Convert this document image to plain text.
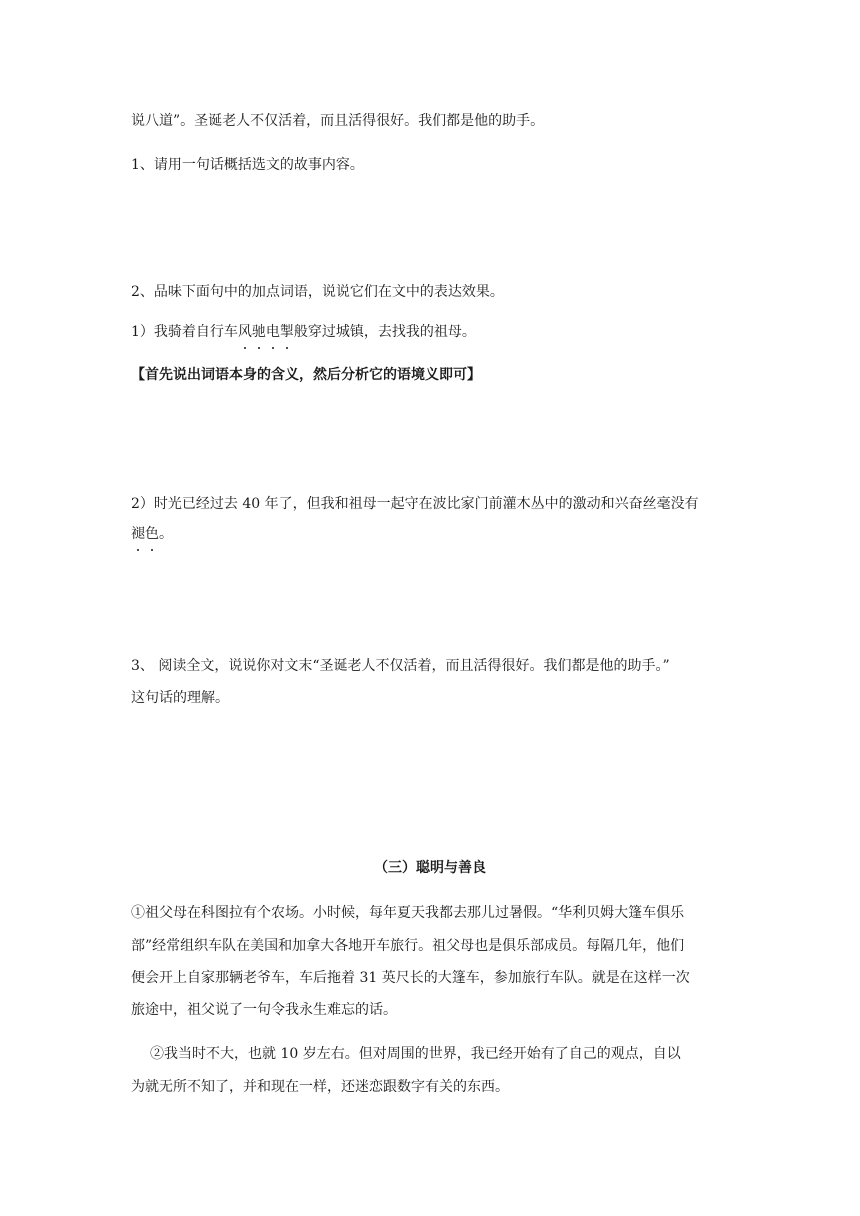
说八道”。圣诞老人不仅活着，而且活得很好。我们都是他的助手。
1、请用一句话概括选文的故事内容。
2、品味下面句中的加点词语，说说它们在文中的表达效果。
1）我骑着自行车风驰电掣般穿过城镇，去找我的祖母。
【首先说出词语本身的含义，然后分析它的语境义即可】
2）时光已经过去 40 年了，但我和祖母一起守在波比家门前灌木丛中的激动和兴奋丝毫没有
褪色。
3、 阅读全文，说说你对文末“圣诞老人不仅活着，而且活得很好。我们都是他的助手。”
这句话的理解。
（三）聪明与善良
①祖父母在科图拉有个农场。小时候，每年夏天我都去那儿过暑假。“华利贝姆大篷车俱乐
部”经常组织车队在美国和加拿大各地开车旅行。祖父母也是俱乐部成员。每隔几年，他们
便会开上自家那辆老爷车，车后拖着 31 英尺长的大篷车，参加旅行车队。就是在这样一次
旅途中，祖父说了一句令我永生难忘的话。
②我当时不大，也就 10 岁左右。但对周围的世界，我已经开始有了自己的观点，自以
为就无所不知了，并和现在一样，还迷恋跟数字有关的东西。
